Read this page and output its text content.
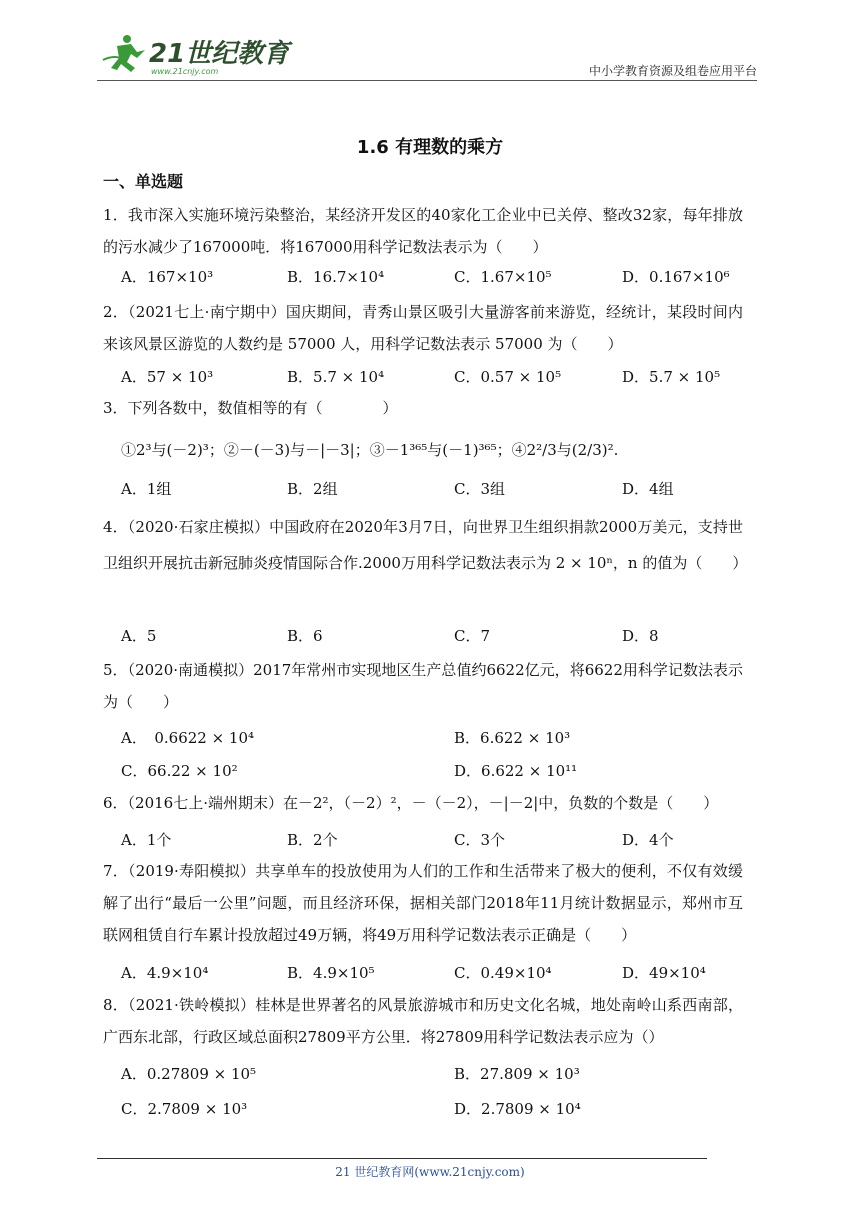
21世纪教育
www.21cnjy.com	中小学教育资源及组卷应用平台
1.6 有理数的乘方
一、单选题
1．我市深入实施环境污染整治，某经济开发区的40家化工企业中已关停、整改32家，每年排放的污水减少了167000吨．将167000用科学记数法表示为（　　）
A．167×10³	B．16.7×10⁴	C．1.67×10⁵	D．0.167×10⁶
2．（2021七上·南宁期中）国庆期间，青秀山景区吸引大量游客前来游览，经统计，某段时间内来该风景区游览的人数约是 57000 人，用科学记数法表示 57000 为（　　）
A．57 × 10³	B．5.7 × 10⁴	C．0.57 × 10⁵	D．5.7 × 10⁵
3．下列各数中，数值相等的有（　　　　）
①2³与(－2)³；②－(－3)与－|－3|；③－1³⁶⁵与(－1)³⁶⁵；④2²/3与(2/3)².
A．1组	B．2组	C．3组	D．4组
4．（2020·石家庄模拟）中国政府在2020年3月7日，向世界卫生组织捐款2000万美元，支持世卫组织开展抗击新冠肺炎疫情国际合作.2000万用科学记数法表示为 2 × 10ⁿ，n 的值为（　　）
A．5	B．6	C．7	D．8
5．（2020·南通模拟）2017年常州市实现地区生产总值约6622亿元，将6622用科学记数法表示为（　　）
A．　0.6622 × 10⁴	B．6.622 × 10³
C．66.22 × 10²	D．6.622 × 10¹¹
6．（2016七上·端州期末）在－2²，（－2）²，－（－2），－|－2|中，负数的个数是（　　）
A．1个	B．2个	C．3个	D．4个
7．（2019·寿阳模拟）共享单车的投放使用为人们的工作和生活带来了极大的便利，不仅有效缓解了出行“最后一公里”问题，而且经济环保，据相关部门2018年11月统计数据显示，郑州市互联网租赁自行车累计投放超过49万辆，将49万用科学记数法表示正确是（　　）
A．4.9×10⁴	B．4.9×10⁵	C．0.49×10⁴	D．49×10⁴
8．（2021·铁岭模拟）桂林是世界著名的风景旅游城市和历史文化名城，地处南岭山系西南部，广西东北部，行政区域总面积27809平方公里．将27809用科学记数法表示应为（）
A．0.27809 × 10⁵	B．27.809 × 10³
C．2.7809 × 10³	D．2.7809 × 10⁴
21 世纪教育网(www.21cnjy.com)
